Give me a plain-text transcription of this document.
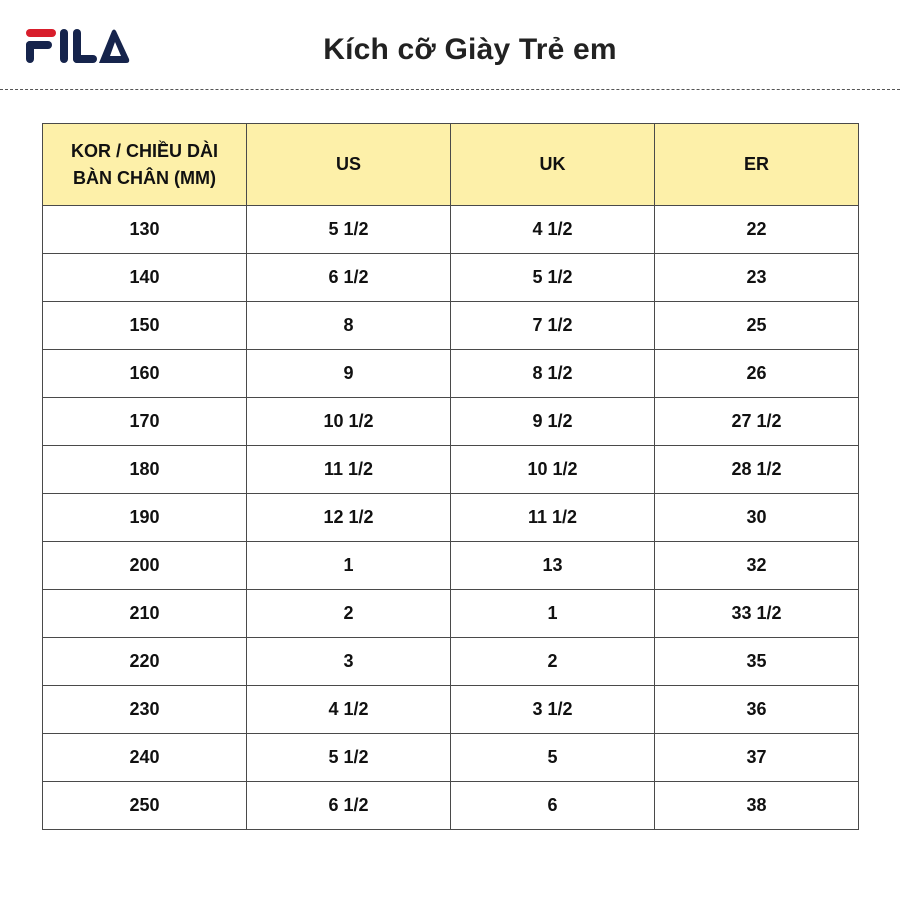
Kích cỡ Giày Trẻ em
KOR / CHIỀU DÀI
BÀN CHÂN (MM)	US	UK	ER
130	5 1/2	4 1/2	22
140	6 1/2	5 1/2	23
150	8	7 1/2	25
160	9	8 1/2	26
170	10 1/2	9 1/2	27 1/2
180	11 1/2	10 1/2	28 1/2
190	12 1/2	11 1/2	30
200	1	13	32
210	2	1	33 1/2
220	3	2	35
230	4 1/2	3 1/2	36
240	5 1/2	5	37
250	6 1/2	6	38
